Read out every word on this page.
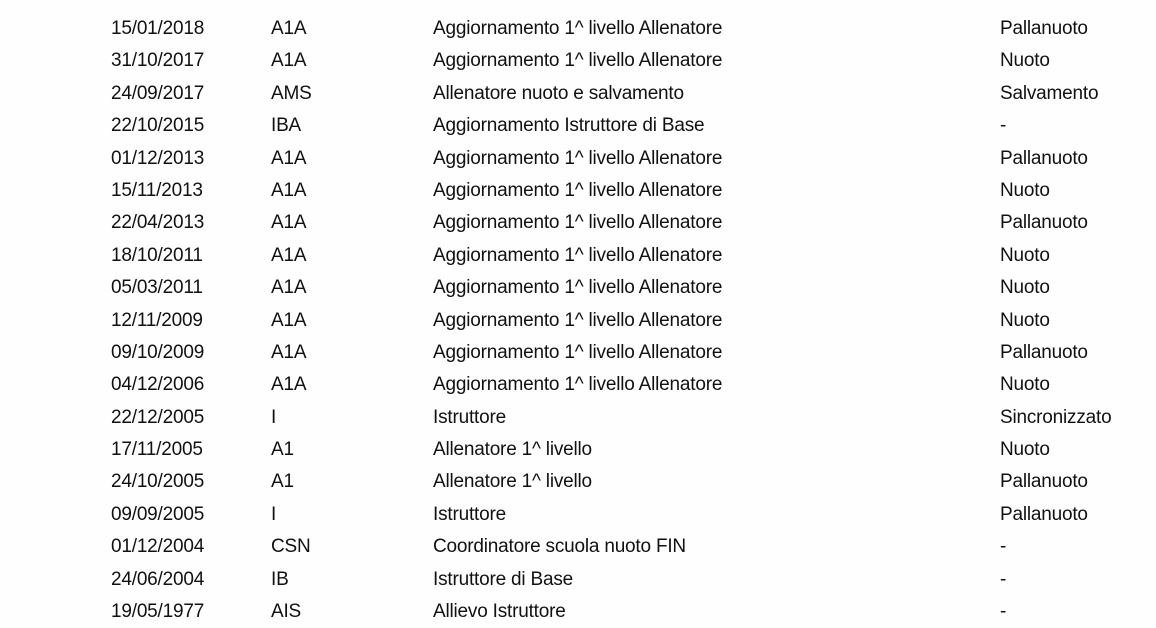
15/01/2018	A1A	Aggiornamento 1^ livello Allenatore	Pallanuoto
31/10/2017	A1A	Aggiornamento 1^ livello Allenatore	Nuoto
24/09/2017	AMS	Allenatore nuoto e salvamento	Salvamento
22/10/2015	IBA	Aggiornamento Istruttore di Base	-
01/12/2013	A1A	Aggiornamento 1^ livello Allenatore	Pallanuoto
15/11/2013	A1A	Aggiornamento 1^ livello Allenatore	Nuoto
22/04/2013	A1A	Aggiornamento 1^ livello Allenatore	Pallanuoto
18/10/2011	A1A	Aggiornamento 1^ livello Allenatore	Nuoto
05/03/2011	A1A	Aggiornamento 1^ livello Allenatore	Nuoto
12/11/2009	A1A	Aggiornamento 1^ livello Allenatore	Nuoto
09/10/2009	A1A	Aggiornamento 1^ livello Allenatore	Pallanuoto
04/12/2006	A1A	Aggiornamento 1^ livello Allenatore	Nuoto
22/12/2005	I	Istruttore	Sincronizzato
17/11/2005	A1	Allenatore 1^ livello	Nuoto
24/10/2005	A1	Allenatore 1^ livello	Pallanuoto
09/09/2005	I	Istruttore	Pallanuoto
01/12/2004	CSN	Coordinatore scuola nuoto FIN	-
24/06/2004	IB	Istruttore di Base	-
19/05/1977	AIS	Allievo Istruttore	-
